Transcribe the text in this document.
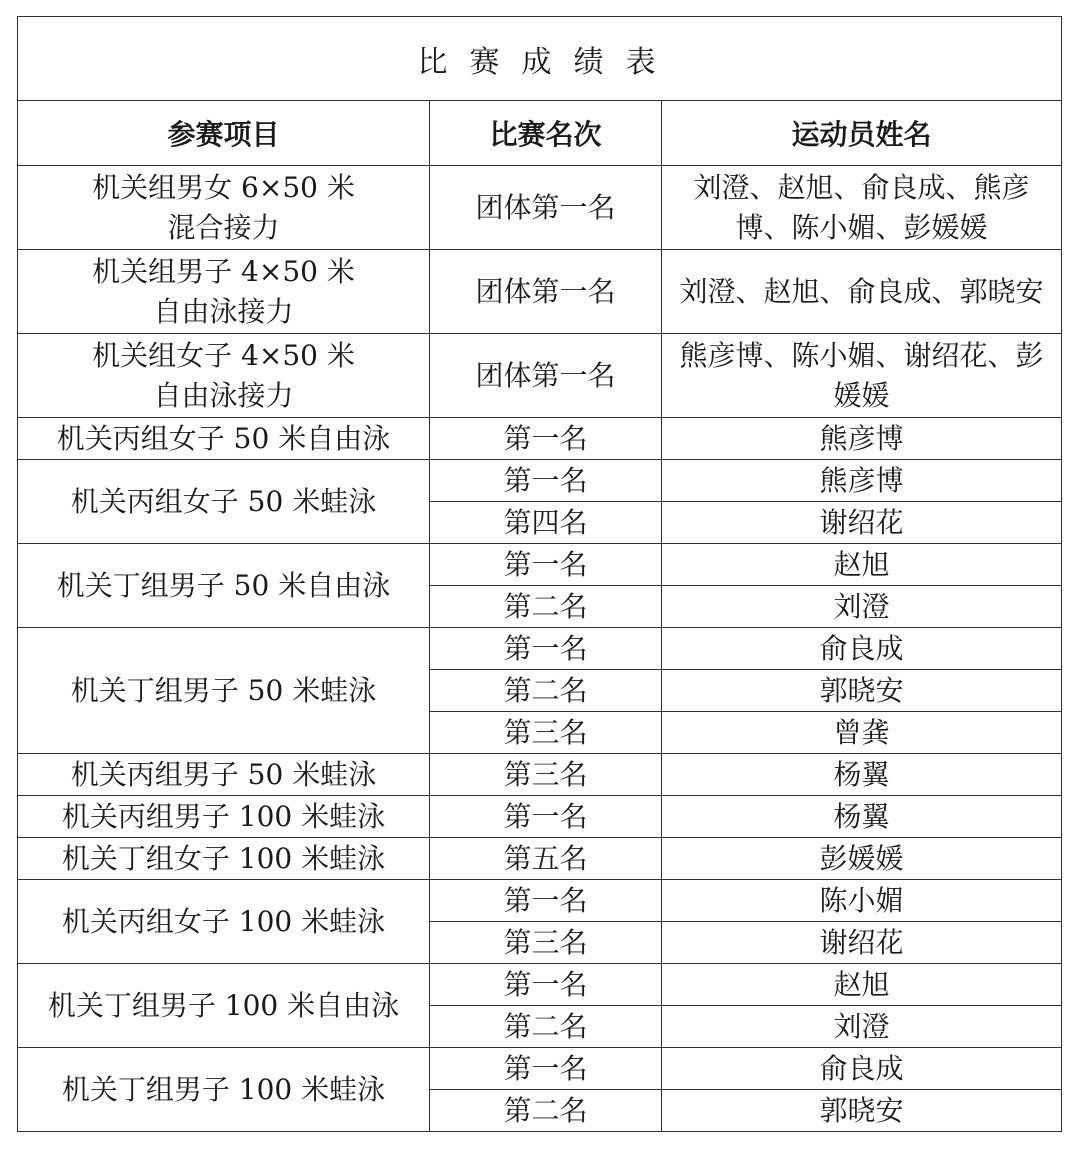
比赛成绩表		
参赛项目	比赛名次	运动员姓名

机关组男女 6×50 米
混合接力	团体第一名	刘澄、赵旭、俞良成、熊彦博、陈小媚、彭媛媛

机关组男子 4×50 米
自由泳接力	团体第一名	刘澄、赵旭、俞良成、郭晓安

机关组女子 4×50 米
自由泳接力	团体第一名	熊彦博、陈小媚、谢绍花、彭媛媛

机关丙组女子 50 米自由泳	第一名	熊彦博

机关丙组女子 50 米蛙泳	第一名	熊彦博

	第四名	谢绍花

机关丁组男子 50 米自由泳	第一名	赵旭

	第二名	刘澄

机关丁组男子 50 米蛙泳	第一名	俞良成

	第二名	郭晓安

	第三名	曾龚

机关丙组男子 50 米蛙泳	第三名	杨翼

机关丙组男子 100 米蛙泳	第一名	杨翼

机关丁组女子 100 米蛙泳	第五名	彭媛媛

机关丙组女子 100 米蛙泳	第一名	陈小媚

	第三名	谢绍花

机关丁组男子 100 米自由泳	第一名	赵旭

	第二名	刘澄

机关丁组男子 100 米蛙泳	第一名	俞良成

	第二名	郭晓安
